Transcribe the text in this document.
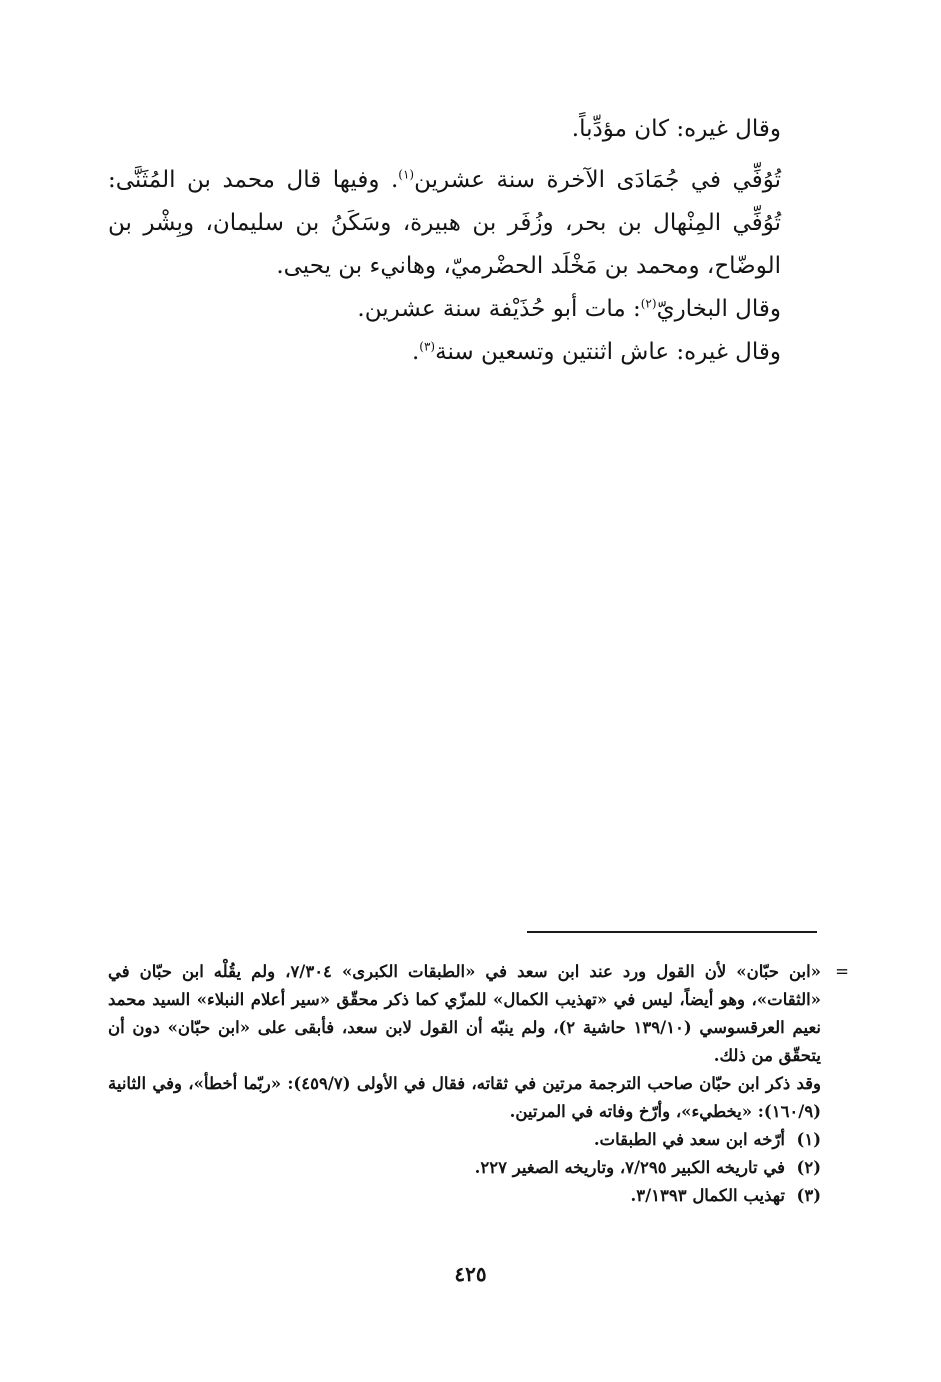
وقال غيره: كان مؤدِّباً.

تُوُفِّي في جُمَادَى الآخرة سنة عشرين$^{(١)}$. وفيها قال محمد بن المُثَنَّى: تُوُفِّي المِنْهال بن بحر، وزُفَر بن هبيرة، وسَكَنُ بن سليمان، وبِشْر بن الوضّاح، ومحمد بن مَخْلَد الحضْرميّ، وهانيء بن يحيى.

وقال البخاريّ$^{(٢)}$: مات أبو حُذَيْفة سنة عشرين.

وقال غيره: عاش اثنتين وتسعين سنة$^{(٣)}$.

=

«ابن حبّان» لأن القول ورد عند ابن سعد في «الطبقات الكبرى» ٧/٣٠٤، ولم يقُلْه ابن حبّان في «الثقات»، وهو أيضاً، ليس في «تهذيب الكمال» للمزّي كما ذكر محقّق «سير أعلام النبلاء» السيد محمد نعيم العرقسوسي (١٣٩/١٠ حاشية ٢)، ولم ينبّه أن القول لابن سعد، فأبقى على «ابن حبّان» دون أن يتحقّق من ذلك.

وقد ذكر ابن حبّان صاحب الترجمة مرتين في ثقاته، فقال في الأولى (٤٥٩/٧): «ربّما أخطأ»، وفي الثانية (١٦٠/٩): «يخطيء»، وأرّخ وفاته في المرتين.

(١)
أرّخه ابن سعد في الطبقات.
(٢)
في تاريخه الكبير ٧/٢٩٥، وتاريخه الصغير ٢٢٧.
(٣)
تهذيب الكمال ٣/١٣٩٣.
٤٢٥
